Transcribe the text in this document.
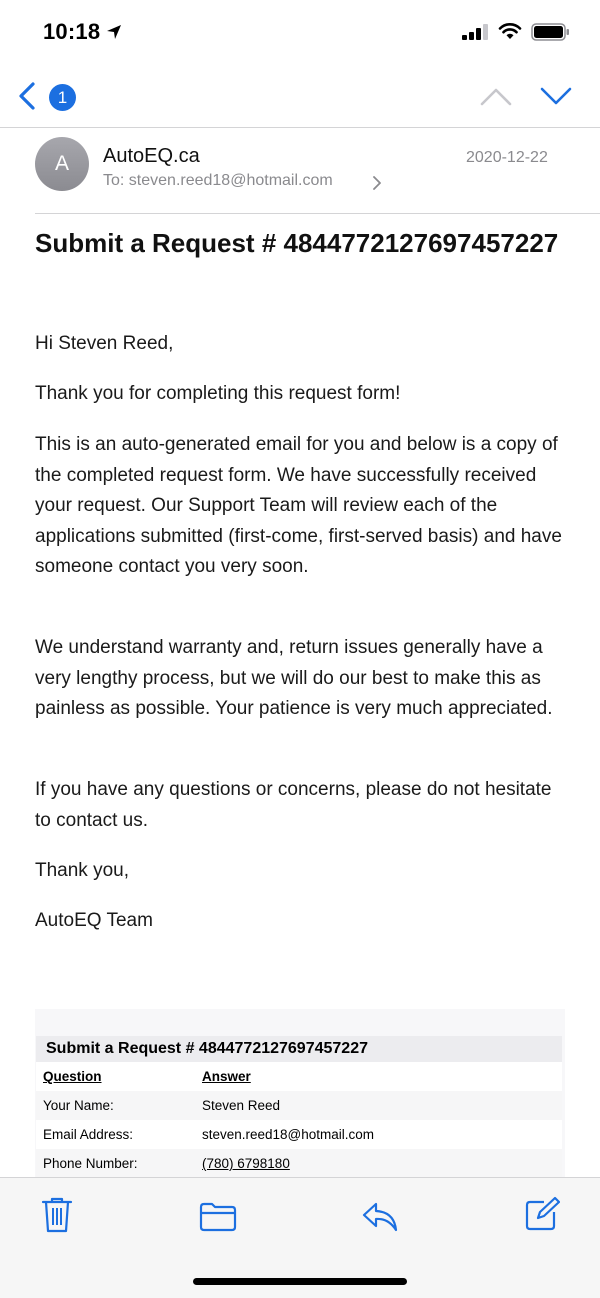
10:18
1
A	AutoEQ.ca
To: steven.reed18@hotmail.com
2020-12-22
Submit a Request # 4844772127697457227
Hi Steven Reed,
Thank you for completing this request form!
This is an auto-generated email for you and below is a copy of the completed request form. We have successfully received your request. Our Support Team will review each of the applications submitted (first-come, first-served basis) and have someone contact you very soon.
We understand warranty and, return issues generally have a very lengthy process, but we will do our best to make this as painless as possible. Your patience is very much appreciated.
If you have any questions or concerns, please do not hesitate to contact us.
Thank you,
AutoEQ Team
Submit a Request # 4844772127697457227
Question	Answer
Your Name:	Steven Reed
Email Address:	steven.reed18@hotmail.com
Phone Number:	(780) 6798180
